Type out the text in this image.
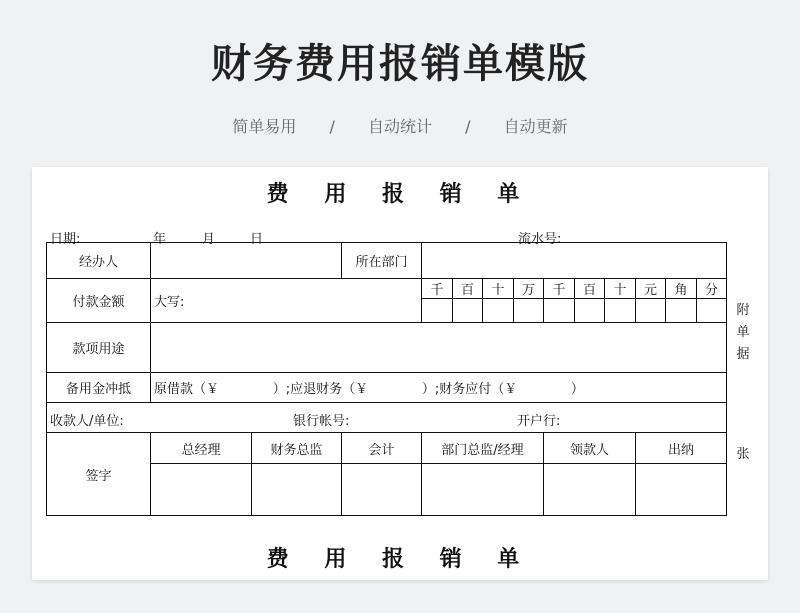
财务费用报销单模版
简单易用 / 自动统计 / 自动更新
费 用 报 销 单
日期:	年	月	日	流水号:
经办人			所在部门										
付款金额	大写:			千	百	十	万	千	百	十	元	角	分

款项用途													
备用金冲抵	原借款（￥             ）;应退财务（￥             ）;财务应付（￥             ）												

收款人/单位: 银行帐号: 开户行:													

签字	总经理	财务总监	会计	部门总监/经理				领款人			出纳		

附
单
据
张
费 用 报 销 单
